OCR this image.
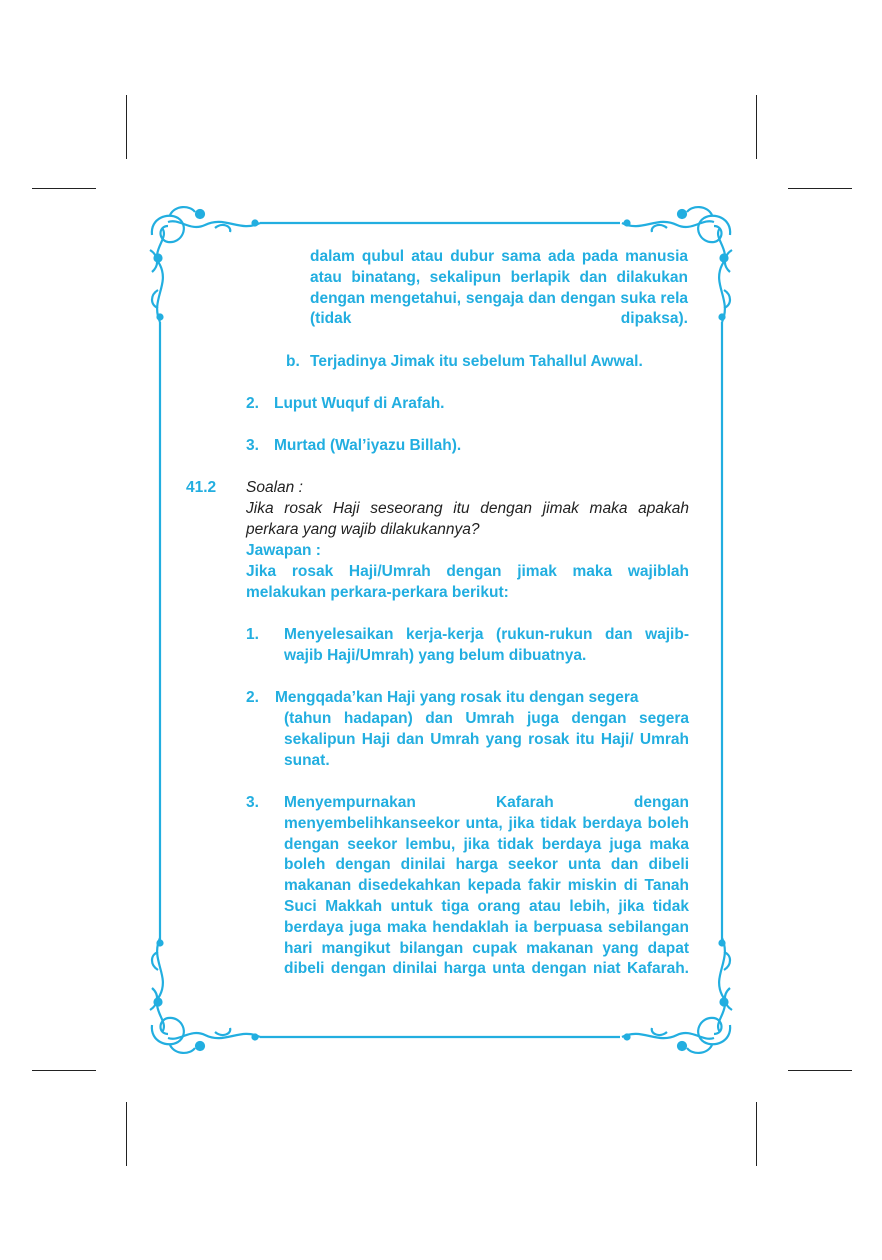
dalam qubul atau dubur sama ada pada manusia atau binatang, sekalipun berlapik dan dilakukan dengan mengetahui, sengaja dan dengan suka rela (tidak dipaksa).
b. Terjadinya Jimak itu sebelum Tahallul Awwal.
2. Luput Wuquf di Arafah.
3. Murtad (Wal’iyazu Billah).
41.2 Soalan :
Jika rosak Haji seseorang itu dengan jimak maka apakah perkara yang wajib dilakukannya?
Jawapan :
Jika rosak Haji/Umrah dengan jimak maka wajiblah melakukan perkara-perkara berikut:
1. Menyelesaikan kerja-kerja (rukun-rukun dan wajib-wajib Haji/Umrah) yang belum dibuatnya.
2. Mengqada’kan Haji yang rosak itu dengan segera
(tahun hadapan) dan Umrah juga dengan segera sekalipun Haji dan Umrah yang rosak itu Haji/ Umrah sunat.
3. Menyempurnakan Kafarah dengan menyembelihkanseekor unta, jika tidak berdaya boleh dengan seekor lembu, jika tidak berdaya juga maka boleh dengan dinilai harga seekor unta dan dibeli makanan disedekahkan kepada fakir miskin di Tanah Suci Makkah untuk tiga orang atau lebih, jika tidak berdaya juga maka hendaklah ia berpuasa sebilangan hari mangikut bilangan cupak makanan yang dapat dibeli dengan dinilai harga unta dengan niat Kafarah.
